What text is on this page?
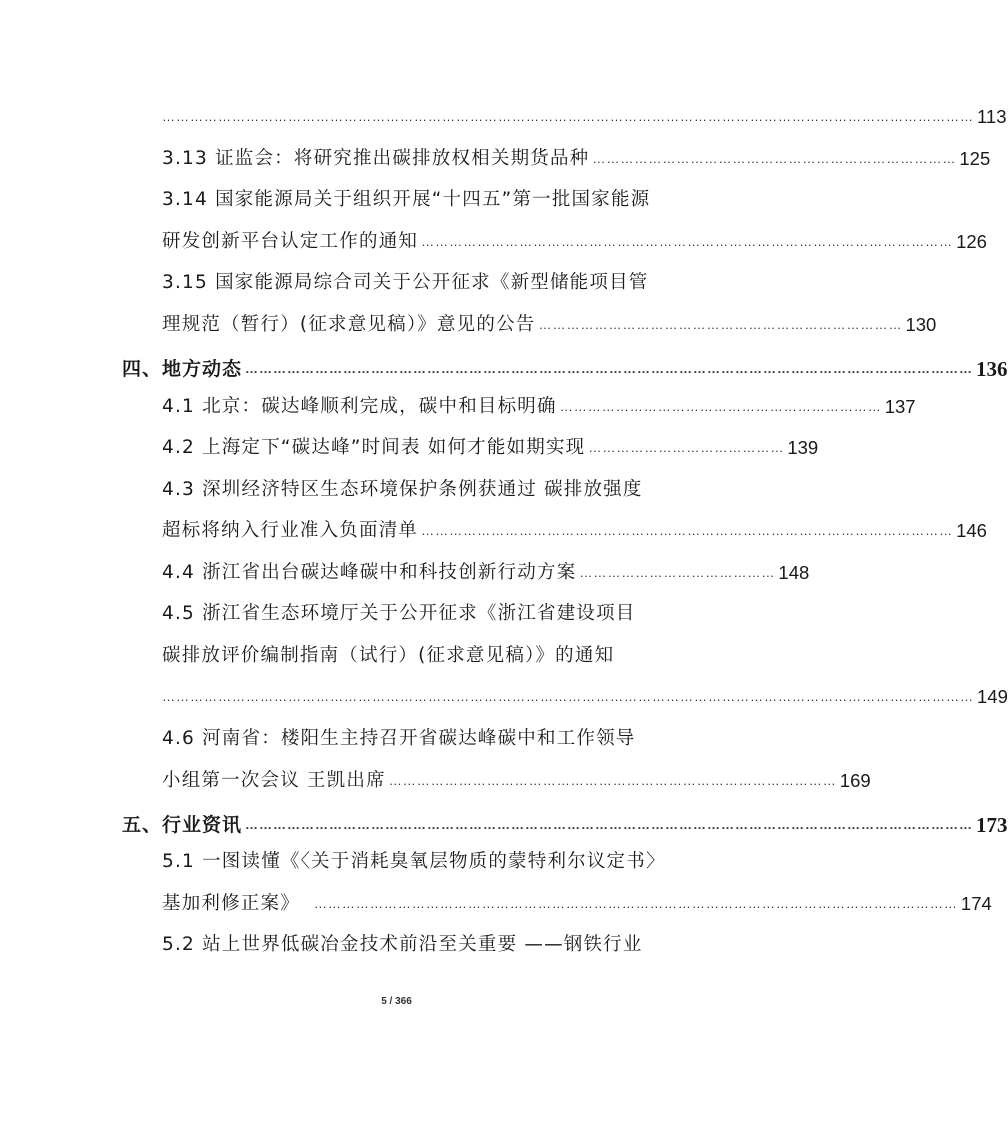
………………………………………………………………………………………………………………………………………………………… 113
3.13 证监会：将研究推出碳排放权相关期货品种 …………………………………………………………………… 125
3.14 国家能源局关于组织开展“十四五”第一批国家能源
研发创新平台认定工作的通知 …………………………………………………………………………………………………… 126
3.15 国家能源局综合司关于公开征求《新型储能项目管
理规范（暂行）(征求意见稿）》意见的公告 …………………………………………………………………… 130
四、地方动态 ………………………………………………………………………………………………………………………………………… 136
4.1 北京：碳达峰顺利完成，碳中和目标明确 …………………………………………………………… 137
4.2 上海定下“碳达峰”时间表 如何才能如期实现 …………………………………… 139
4.3 深圳经济特区生态环境保护条例获通过 碳排放强度
超标将纳入行业准入负面清单 …………………………………………………………………………………………………… 146
4.4 浙江省出台碳达峰碳中和科技创新行动方案 …………………………………… 148
4.5 浙江省生态环境厅关于公开征求《浙江省建设项目
碳排放评价编制指南（试行）(征求意见稿）》的通知
………………………………………………………………………………………………………………………………………………………… 149
4.6 河南省：楼阳生主持召开省碳达峰碳中和工作领导
小组第一次会议 王凯出席 …………………………………………………………………………………… 169
五、行业资讯 ………………………………………………………………………………………………………………………………………… 173
5.1 一图读懂《〈关于消耗臭氧层物质的蒙特利尔议定书〉
基加利修正案》 ………………………………………………………………………………………………………………………… 174
5.2 站上世界低碳冶金技术前沿至关重要 ——钢铁行业
5 / 366
